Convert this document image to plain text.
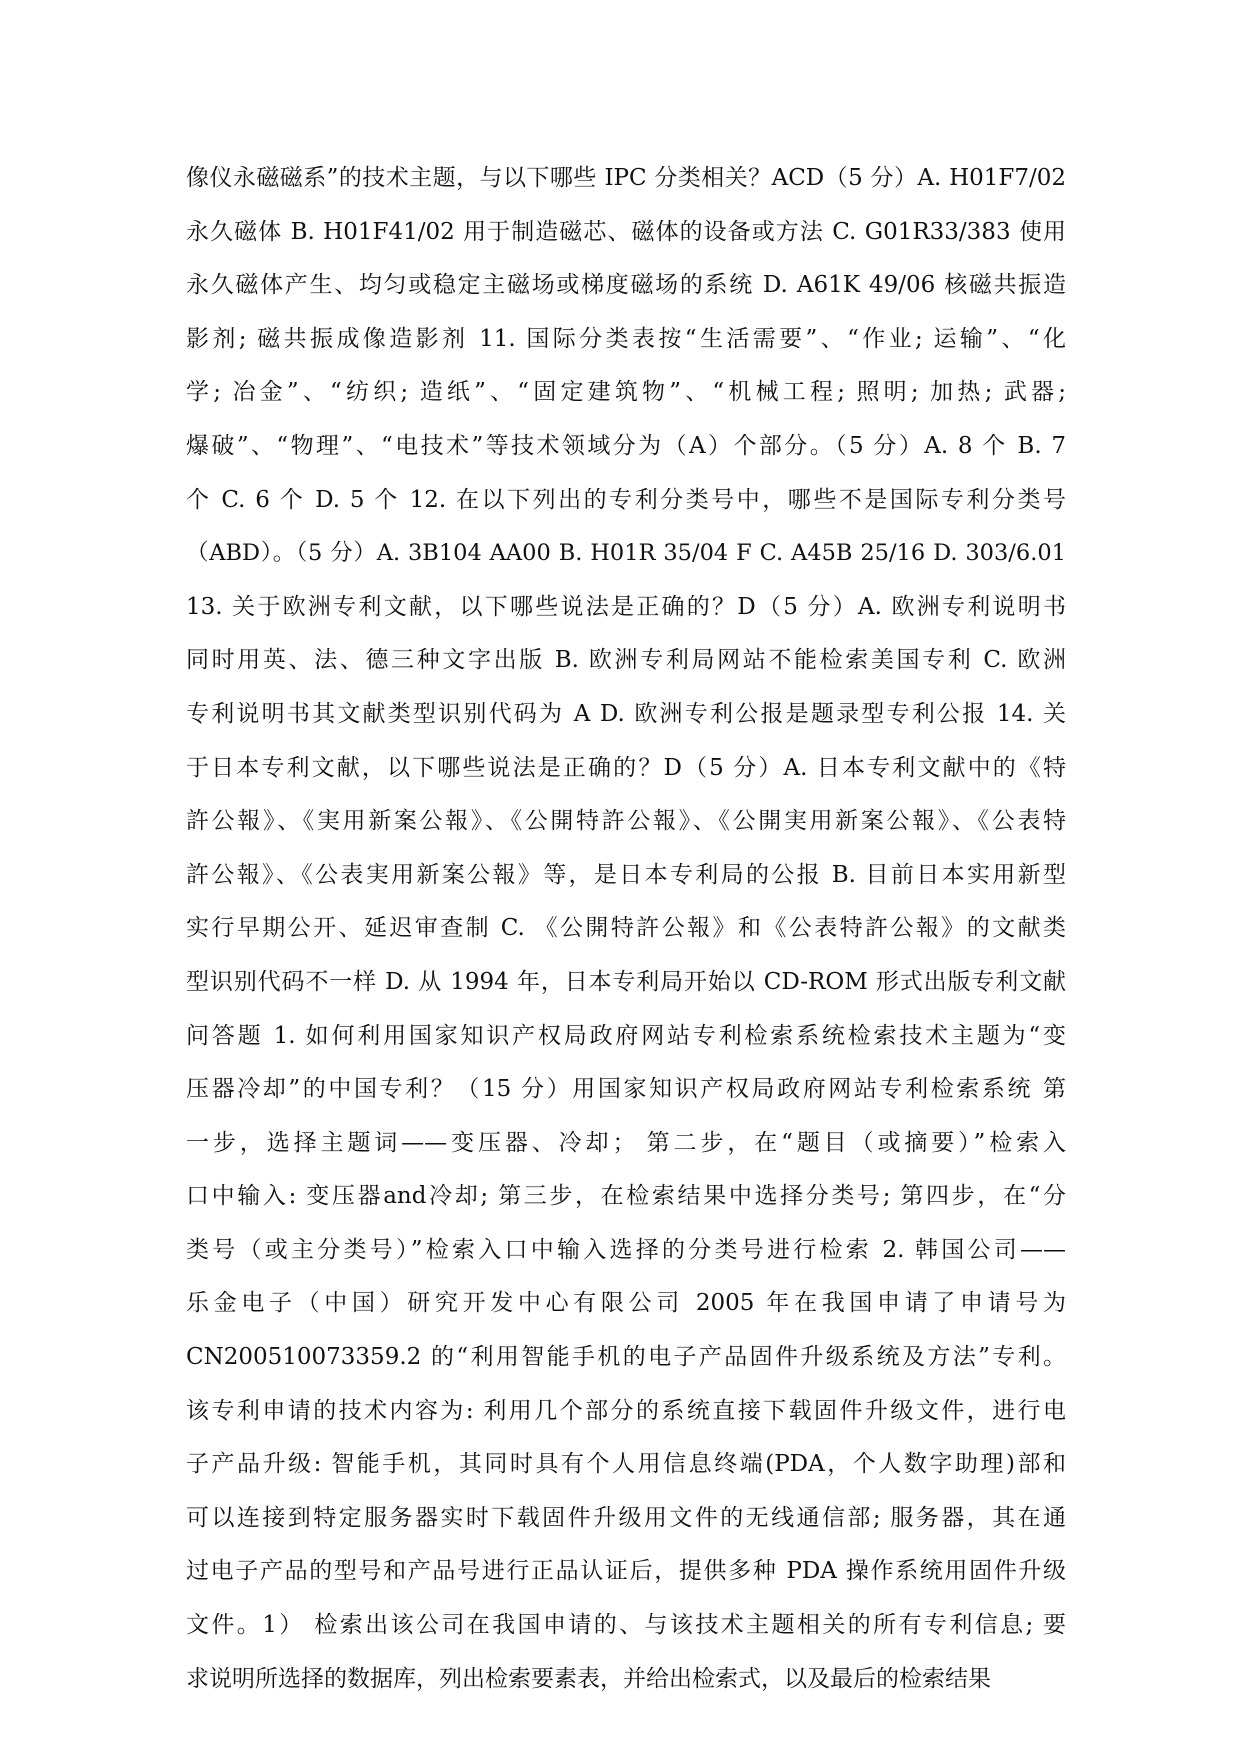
像仪永磁磁系”的技术主题，与以下哪些 IPC 分类相关？ACD（5 分）A. H01F7/02
永久磁体 B. H01F41/02 用于制造磁芯、磁体的设备或方法 C. G01R33/383 使用
永久磁体产生、均匀或稳定主磁场或梯度磁场的系统 D. A61K 49/06 核磁共振造
影剂; 磁共振成像造影剂 11. 国际分类表按“生活需要”、“作业; 运输”、“化
学; 冶金”、“纺织; 造纸”、“固定建筑物”、“机械工程; 照明; 加热; 武器;
爆破”、“物理”、“电技术”等技术领域分为（A）个部分。（5 分）A. 8 个 B. 7
个 C. 6 个 D. 5 个 12. 在以下列出的专利分类号中，哪些不是国际专利分类号
（ABD）。（5 分）A. 3B104 AA00 B. H01R 35/04 F C. A45B 25/16 D. 303/6.01
13. 关于欧洲专利文献，以下哪些说法是正确的？D（5 分）A. 欧洲专利说明书
同时用英、法、德三种文字出版 B. 欧洲专利局网站不能检索美国专利 C. 欧洲
专利说明书其文献类型识别代码为 A D. 欧洲专利公报是题录型专利公报 14. 关
于日本专利文献，以下哪些说法是正确的？D（5 分）A. 日本专利文献中的《特
許公報》、《実用新案公報》、《公開特許公報》、《公開実用新案公報》、《公表特
許公報》、《公表実用新案公報》等，是日本专利局的公报 B. 目前日本实用新型
实行早期公开、延迟审查制 C. 《公開特許公報》和《公表特許公報》的文献类
型识别代码不一样 D. 从 1994 年，日本专利局开始以 CD-ROM 形式出版专利文献
问答题 1. 如何利用国家知识产权局政府网站专利检索系统检索技术主题为“变
压器冷却”的中国专利？（15 分）用国家知识产权局政府网站专利检索系统 第
一步，选择主题词——变压器、冷却； 第二步，在“题目（或摘要）”检索入
口中输入: 变压器and冷却; 第三步，在检索结果中选择分类号; 第四步，在“分
类号（或主分类号）”检索入口中输入选择的分类号进行检索 2. 韩国公司——
乐金电子（中国）研究开发中心有限公司 2005 年在我国申请了申请号为
CN200510073359.2 的“利用智能手机的电子产品固件升级系统及方法”专利。
该专利申请的技术内容为: 利用几个部分的系统直接下载固件升级文件，进行电
子产品升级: 智能手机，其同时具有个人用信息终端(PDA，个人数字助理)部和
可以连接到特定服务器实时下载固件升级用文件的无线通信部; 服务器，其在通
过电子产品的型号和产品号进行正品认证后，提供多种 PDA 操作系统用固件升级
文件。1） 检索出该公司在我国申请的、与该技术主题相关的所有专利信息; 要
求说明所选择的数据库，列出检索要素表，并给出检索式，以及最后的检索结果
